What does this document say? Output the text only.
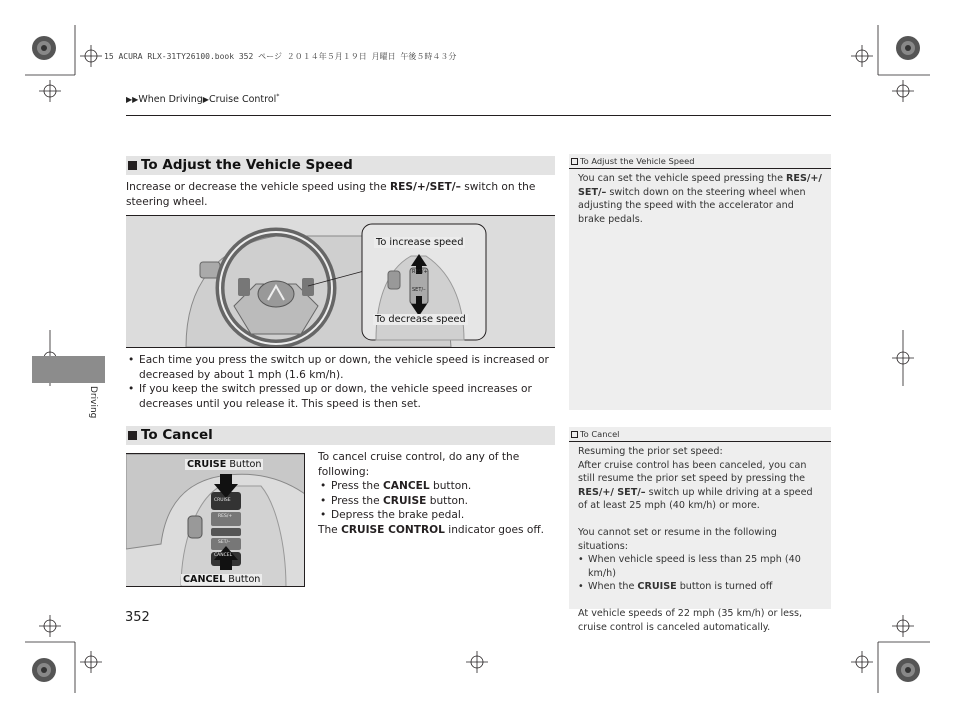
15 ACURA RLX-31TY26100.book 352 ページ ２０１４年５月１９日 月曜日 午後５時４３分
▶▶When Driving▶Cruise Control*
Driving
To Adjust the Vehicle Speed
Increase or decrease the vehicle speed using the RES/+/SET/– switch on the steering wheel.
RES/+
SET/–
To increase speed
To decrease speed
• Each time you press the switch up or down, the vehicle speed is increased or decreased by about 1 mph (1.6 km/h).
• If you keep the switch pressed up or down, the vehicle speed increases or decreases until you release it. This speed is then set.
To Adjust the Vehicle Speed
You can set the vehicle speed pressing the RES/+/ SET/– switch down on the steering wheel when adjusting the speed with the accelerator and brake pedals.
To Cancel
CRUISE
RES/+
SET/–
CANCEL
CRUISE Button
CANCEL Button
To cancel cruise control, do any of the following:
• Press the CANCEL button.
• Press the CRUISE button.
• Depress the brake pedal.
The CRUISE CONTROL indicator goes off.
To Cancel
Resuming the prior set speed:
After cruise control has been canceled, you can still resume the prior set speed by pressing the RES/+/ SET/– switch up while driving at a speed of at least 25 mph (40 km/h) or more.
You cannot set or resume in the following situations:
• When vehicle speed is less than 25 mph (40 km/h)
• When the CRUISE button is turned off
At vehicle speeds of 22 mph (35 km/h) or less, cruise control is canceled automatically.
352
